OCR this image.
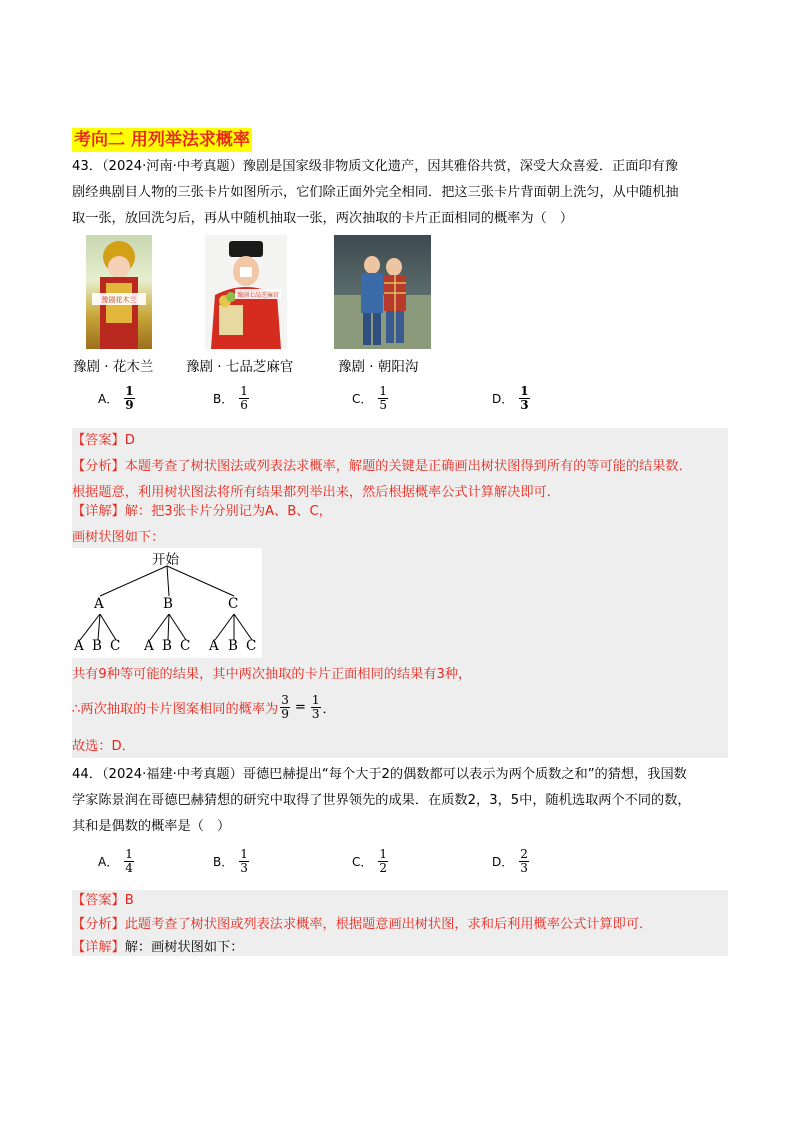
考向二 用列举法求概率
43．（2024·河南·中考真题）豫剧是国家级非物质文化遗产，因其雅俗共赏，深受大众喜爱．正面印有豫
剧经典剧目人物的三张卡片如图所示，它们除正面外完全相同．把这三张卡片背面朝上洗匀，从中随机抽
取一张，放回洗匀后，再从中随机抽取一张，两次抽取的卡片正面相同的概率为（　）
豫剧花木兰
豫剧七品芝麻官
豫剧 · 花木兰 豫剧 · 七品芝麻官	豫剧 · 朝阳沟
A． $\frac{1}{9}$	B． $\frac{1}{6}$	C． $\frac{1}{5}$	D． $\frac{1}{3}$
【答案】D
【分析】本题考查了树状图法或列表法求概率，解题的关键是正确画出树状图得到所有的等可能的结果数．
根据题意，利用树状图法将所有结果都列举出来，然后根据概率公式计算解决即可．
【详解】解：把3张卡片分别记为A、B、C，
画树状图如下：
开始
A	B	C
A B C A B C A B C
共有9种等可能的结果，其中两次抽取的卡片正面相同的结果有3种，
∴两次抽取的卡片图案相同的概率为 $\frac{3}{9} = \frac{1}{3}$ ．
故选：D．
44．（2024·福建·中考真题）哥德巴赫提出“每个大于2的偶数都可以表示为两个质数之和”的猜想，我国数
学家陈景润在哥德巴赫猜想的研究中取得了世界领先的成果．在质数2，3，5中，随机选取两个不同的数，
其和是偶数的概率是（　）
A． $\frac{1}{4}$	B． $\frac{1}{3}$	C． $\frac{1}{2}$	D． $\frac{2}{3}$
【答案】B
【分析】此题考查了树状图或列表法求概率，根据题意画出树状图，求和后利用概率公式计算即可．
【详解】解：画树状图如下：
